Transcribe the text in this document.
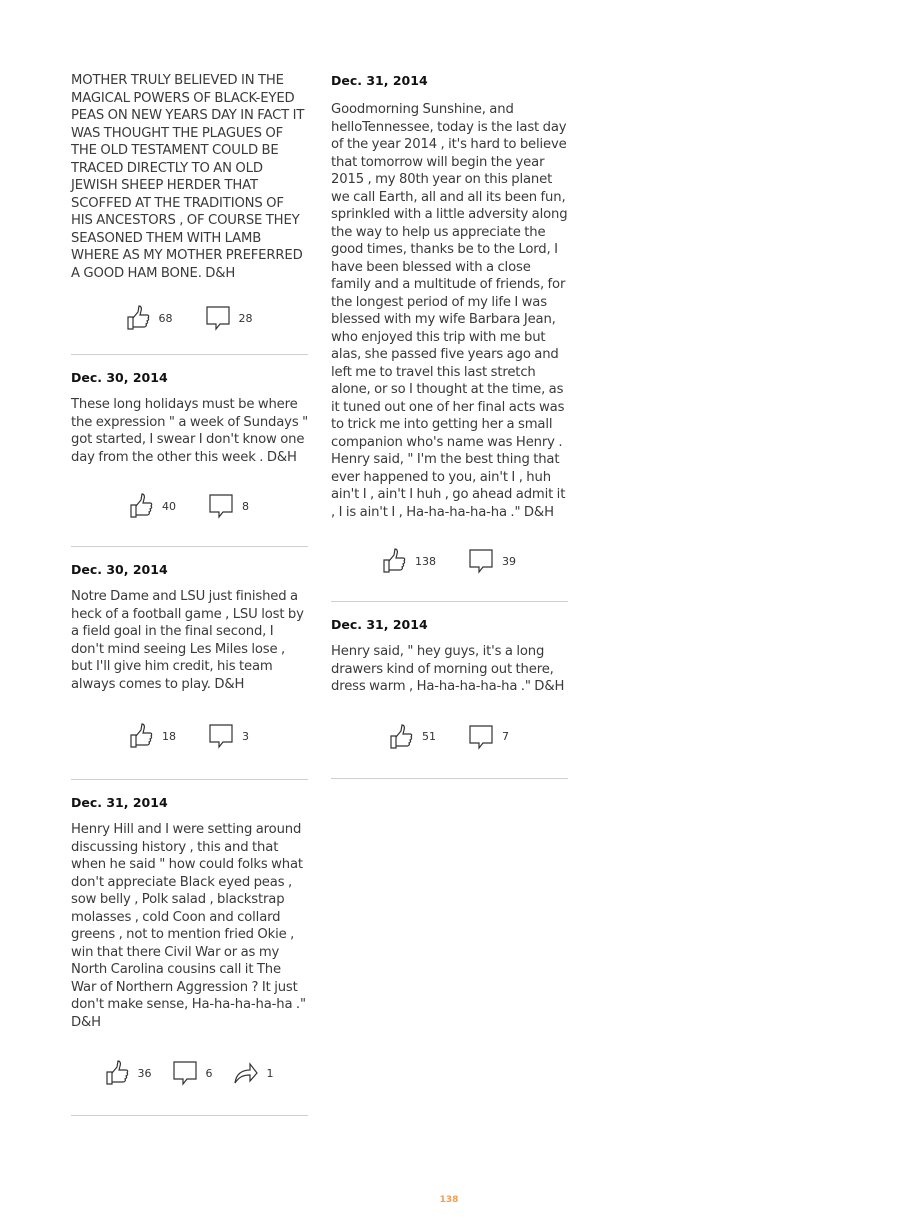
MOTHER TRULY BELIEVED IN THE MAGICAL POWERS OF BLACK-EYED PEAS ON NEW YEARS DAY IN FACT IT WAS THOUGHT THE PLAGUES OF THE OLD TESTAMENT COULD BE TRACED DIRECTLY TO AN OLD JEWISH SHEEP HERDER THAT SCOFFED AT THE TRADITIONS OF HIS ANCESTORS , OF COURSE THEY SEASONED THEM WITH LAMB WHERE AS MY MOTHER PREFERRED A GOOD HAM BONE. D&H

68	28

Dec. 30, 2014

These long holidays must be where the expression " a week of Sundays " got started, I swear I don't know one day from the other this week . D&H

40	8

Dec. 30, 2014

Notre Dame and LSU just finished a heck of a football game , LSU lost by a field goal in the final second, I don't mind seeing Les Miles lose , but I'll give him credit, his team always comes to play. D&H

18	3

Dec. 31, 2014

Henry Hill and I were setting around discussing history , this and that when he said " how could folks what don't appreciate Black eyed peas , sow belly , Polk salad , blackstrap molasses , cold Coon and collard greens , not to mention fried Okie , win that there Civil War or as my North Carolina cousins call it The War of Northern Aggression ? It just don't make sense, Ha-ha-ha-ha-ha ." D&H

36	6	1

Dec. 31, 2014

Goodmorning Sunshine, and helloTennessee, today is the last day of the year 2014 , it's hard to believe that tomorrow will begin the year 2015 , my 80th year on this planet we call Earth, all and all its been fun, sprinkled with a little adversity along the way to help us appreciate the good times, thanks be to the Lord, I have been blessed with a close family and a multitude of friends, for the longest period of my life I was blessed with my wife Barbara Jean, who enjoyed this trip with me but alas, she passed five years ago and left me to travel this last stretch alone, or so I thought at the time, as it tuned out one of her final acts was to trick me into getting her a small companion who's name was Henry . Henry said, " I'm the best thing that ever happened to you, ain't I , huh ain't I , ain't I huh , go ahead admit it , I is ain't I , Ha-ha-ha-ha-ha ." D&H

138	39

Dec. 31, 2014

Henry said, " hey guys, it's a long drawers kind of morning out there, dress warm , Ha-ha-ha-ha-ha ." D&H

51	7
138
